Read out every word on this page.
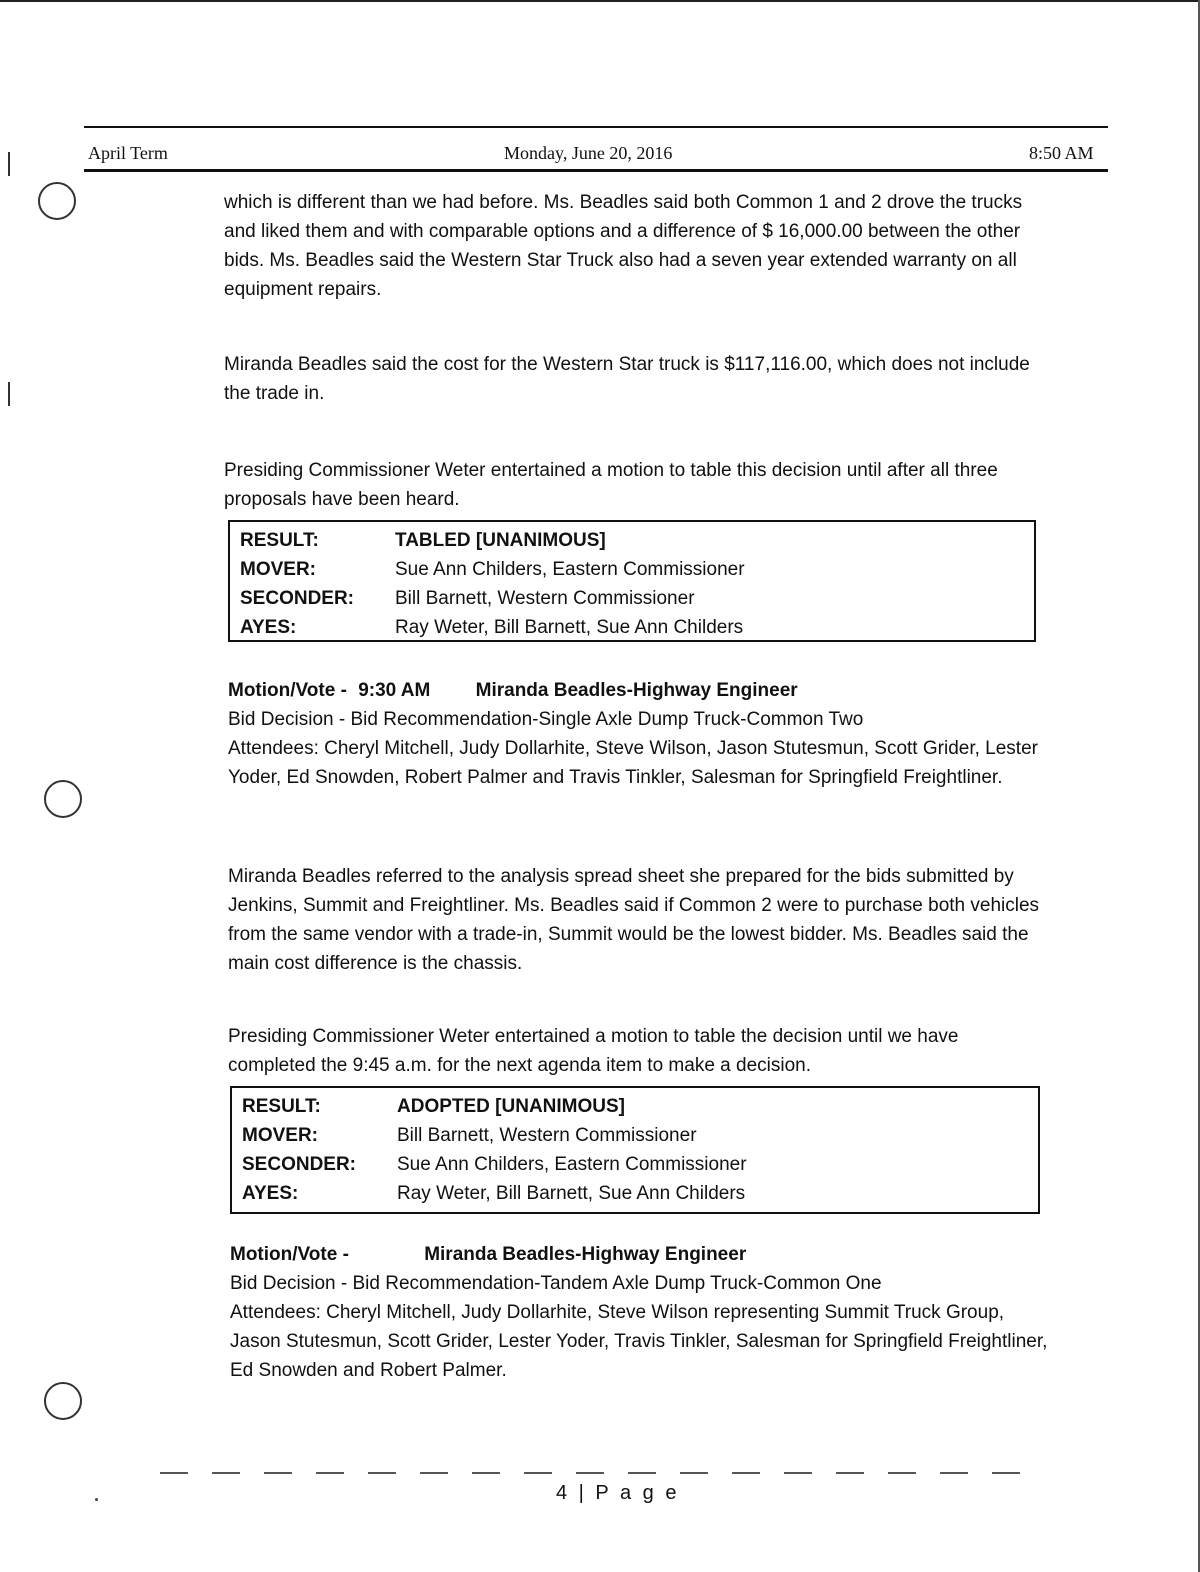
April Term	Monday, June 20, 2016	8:50 AM

which is different than we had before. Ms. Beadles said both Common 1 and 2 drove the trucks and liked them and with comparable options and a difference of $ 16,000.00 between the other bids. Ms. Beadles said the Western Star Truck also had a seven year extended warranty on all equipment repairs.

Miranda Beadles said the cost for the Western Star truck is $117,116.00, which does not include the trade in.

Presiding Commissioner Weter entertained a motion to table this decision until after all three proposals have been heard.

RESULT:	TABLED [UNANIMOUS]
MOVER:	Sue Ann Childers, Eastern Commissioner
SECONDER:	Bill Barnett, Western Commissioner
AYES:	Ray Weter, Bill Barnett, Sue Ann Childers

Motion/Vote - 9:30 AM Miranda Beadles-Highway Engineer

Bid Decision - Bid Recommendation-Single Axle Dump Truck-Common Two

Attendees: Cheryl Mitchell, Judy Dollarhite, Steve Wilson, Jason Stutesmun, Scott Grider, Lester Yoder, Ed Snowden, Robert Palmer and Travis Tinkler, Salesman for Springfield Freightliner.

Miranda Beadles referred to the analysis spread sheet she prepared for the bids submitted by Jenkins, Summit and Freightliner. Ms. Beadles said if Common 2 were to purchase both vehicles from the same vendor with a trade-in, Summit would be the lowest bidder. Ms. Beadles said the main cost difference is the chassis.

Presiding Commissioner Weter entertained a motion to table the decision until we have completed the 9:45 a.m. for the next agenda item to make a decision.

RESULT:	ADOPTED [UNANIMOUS]
MOVER:	Bill Barnett, Western Commissioner
SECONDER:	Sue Ann Childers, Eastern Commissioner
AYES:	Ray Weter, Bill Barnett, Sue Ann Childers

Motion/Vote -	Miranda Beadles-Highway Engineer

Bid Decision - Bid Recommendation-Tandem Axle Dump Truck-Common One

Attendees: Cheryl Mitchell, Judy Dollarhite, Steve Wilson representing Summit Truck Group, Jason Stutesmun, Scott Grider, Lester Yoder, Travis Tinkler, Salesman for Springfield Freightliner, Ed Snowden and Robert Palmer.

4 | P a g e
